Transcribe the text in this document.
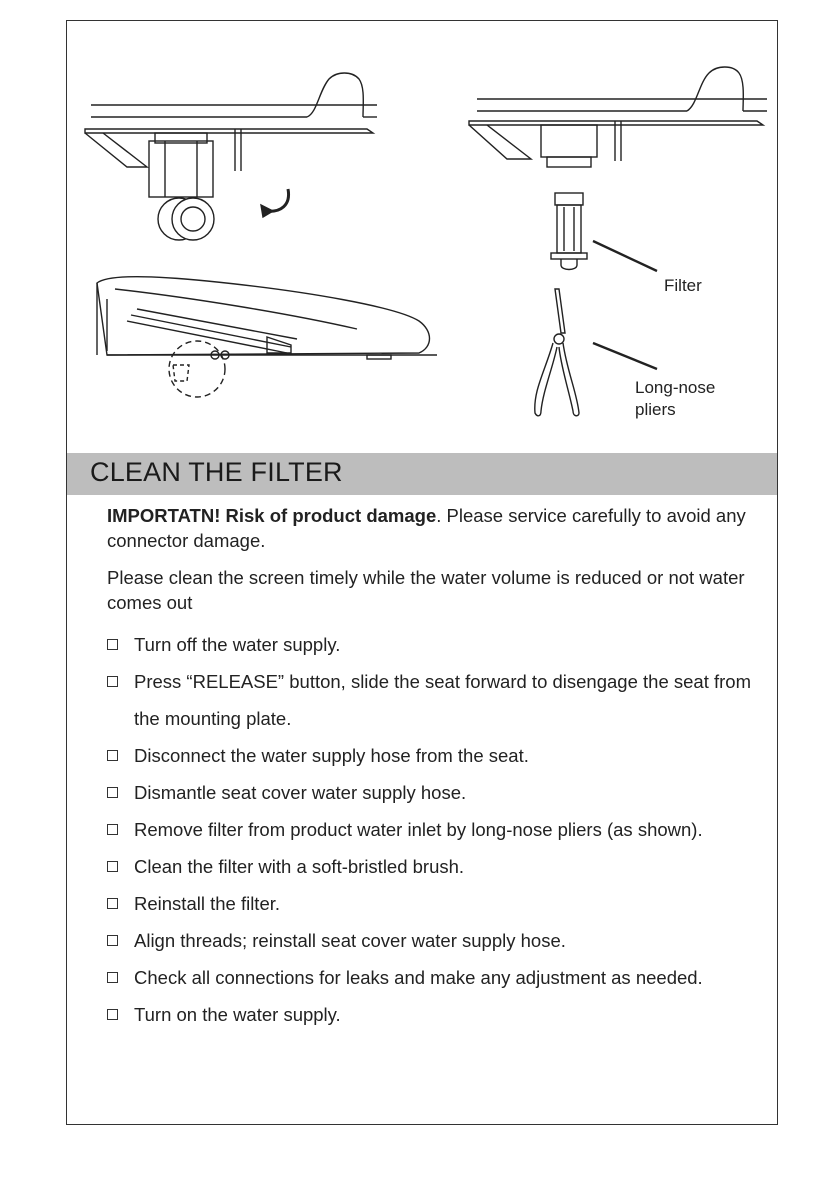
Filter
Long-nose
pliers
CLEAN THE FILTER
IMPORTATN! Risk of product damage. Please service carefully to avoid any connector damage.
Please clean the screen timely while the water volume is reduced or not water comes out
Turn off the water supply.
Press “RELEASE” button, slide the seat forward to disengage the seat from the mounting plate.
Disconnect the water supply hose from the seat.
Dismantle seat cover water supply hose.
Remove filter from product water inlet by long-nose pliers (as shown).
Clean the filter with a soft-bristled brush.
Reinstall the filter.
Align threads; reinstall seat cover water supply hose.
Check all connections for leaks and make any adjustment as needed.
Turn on the water supply.
